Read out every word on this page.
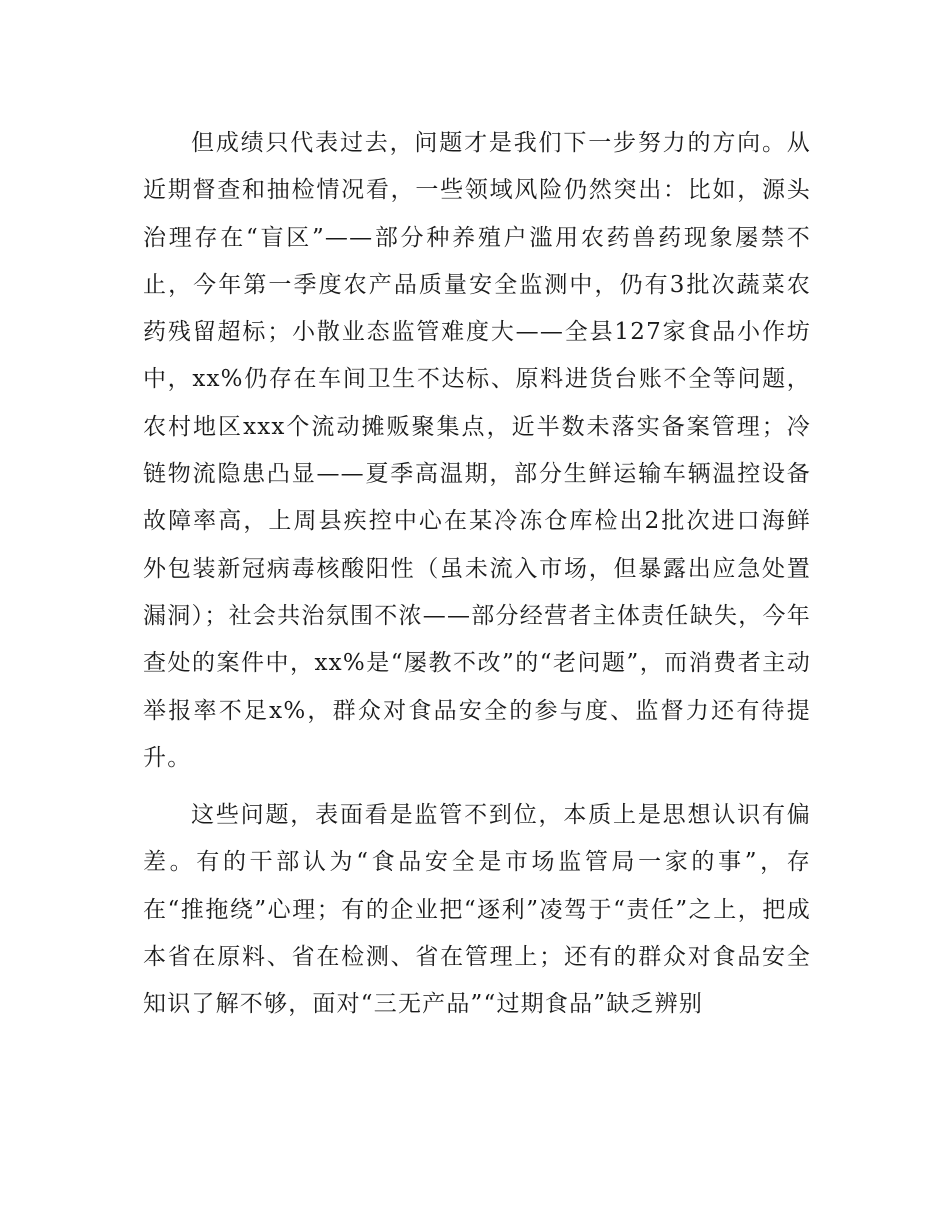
但成绩只代表过去，问题才是我们下一步努力的方向。从近期督查和抽检情况看，一些领域风险仍然突出：比如，源头治理存在“盲区”——部分种养殖户滥用农药兽药现象屡禁不止，今年第一季度农产品质量安全监测中，仍有3批次蔬菜农药残留超标；小散业态监管难度大——全县127家食品小作坊中，xx%仍存在车间卫生不达标、原料进货台账不全等问题，农村地区xxx个流动摊贩聚集点，近半数未落实备案管理；冷链物流隐患凸显——夏季高温期，部分生鲜运输车辆温控设备故障率高，上周县疾控中心在某冷冻仓库检出2批次进口海鲜外包装新冠病毒核酸阳性（虽未流入市场，但暴露出应急处置漏洞）；社会共治氛围不浓——部分经营者主体责任缺失，今年查处的案件中，xx%是“屡教不改”的“老问题”，而消费者主动举报率不足x%，群众对食品安全的参与度、监督力还有待提升。

这些问题，表面看是监管不到位，本质上是思想认识有偏差。有的干部认为“食品安全是市场监管局一家的事”，存在“推拖绕”心理；有的企业把“逐利”凌驾于“责任”之上，把成本省在原料、省在检测、省在管理上；还有的群众对食品安全知识了解不够，面对“三无产品”“过期食品”缺乏辨别
